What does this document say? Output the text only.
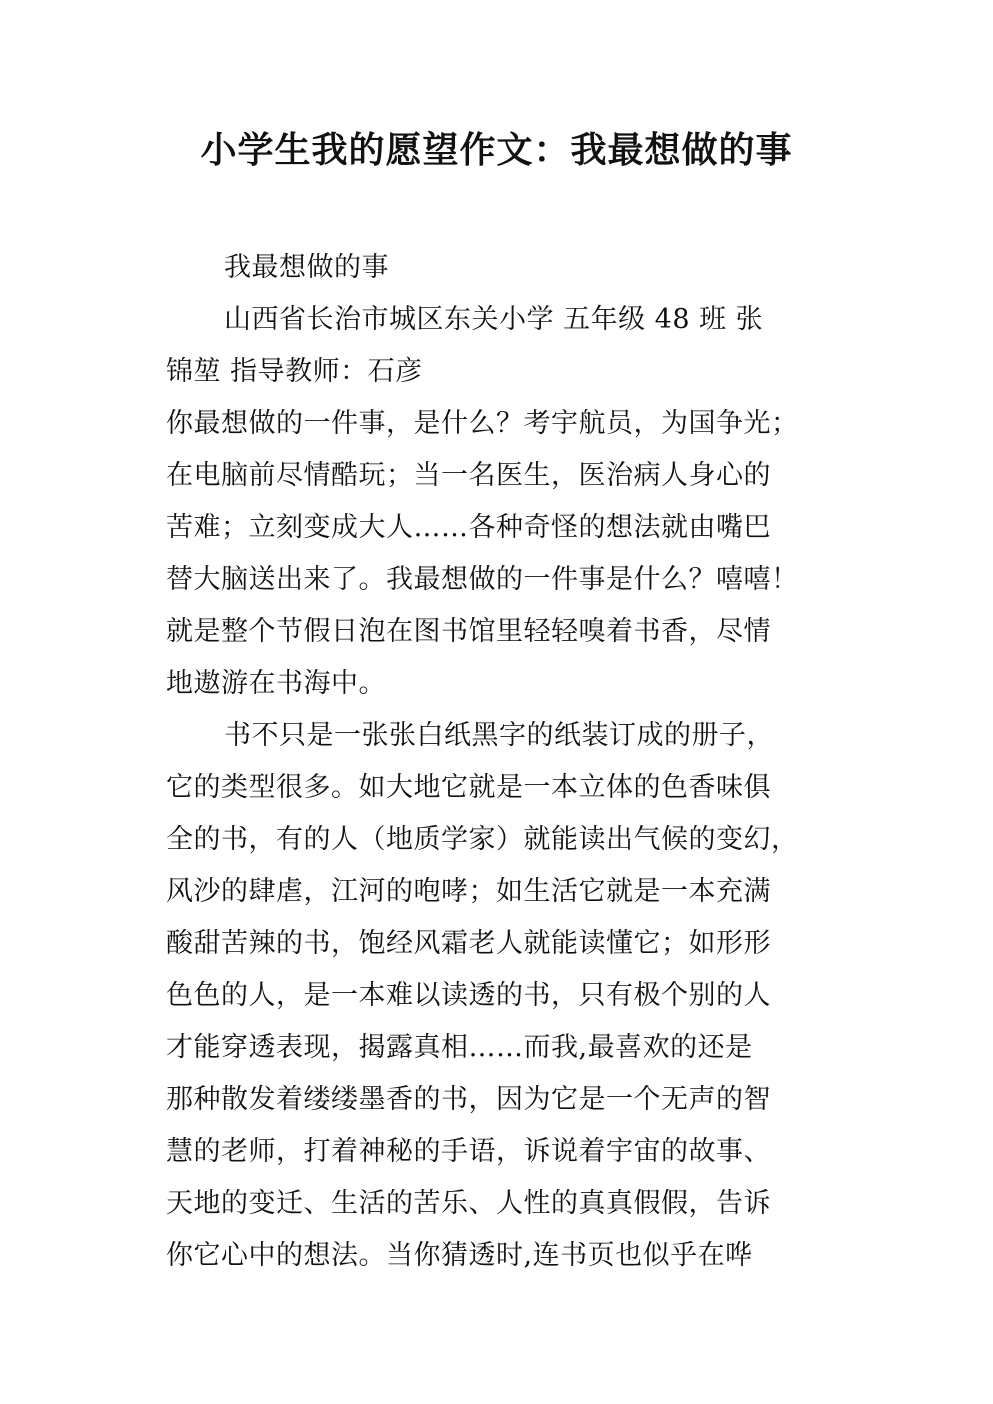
小学生我的愿望作文：我最想做的事
我最想做的事
山西省长治市城区东关小学 五年级 48 班 张
锦堃 指导教师：石彦
你最想做的一件事，是什么？考宇航员，为国争光；
在电脑前尽情酷玩；当一名医生，医治病人身心的
苦难；立刻变成大人……各种奇怪的想法就由嘴巴
替大脑送出来了。我最想做的一件事是什么？嘻嘻！
就是整个节假日泡在图书馆里轻轻嗅着书香，尽情
地遨游在书海中。
书不只是一张张白纸黑字的纸装订成的册子，
它的类型很多。如大地它就是一本立体的色香味俱
全的书，有的人（地质学家）就能读出气候的变幻，
风沙的肆虐，江河的咆哮；如生活它就是一本充满
酸甜苦辣的书，饱经风霜老人就能读懂它；如形形
色色的人，是一本难以读透的书，只有极个别的人
才能穿透表现，揭露真相……而我,最喜欢的还是
那种散发着缕缕墨香的书，因为它是一个无声的智
慧的老师，打着神秘的手语，诉说着宇宙的故事、
天地的变迁、生活的苦乐、人性的真真假假，告诉
你它心中的想法。当你猜透时,连书页也似乎在哗
